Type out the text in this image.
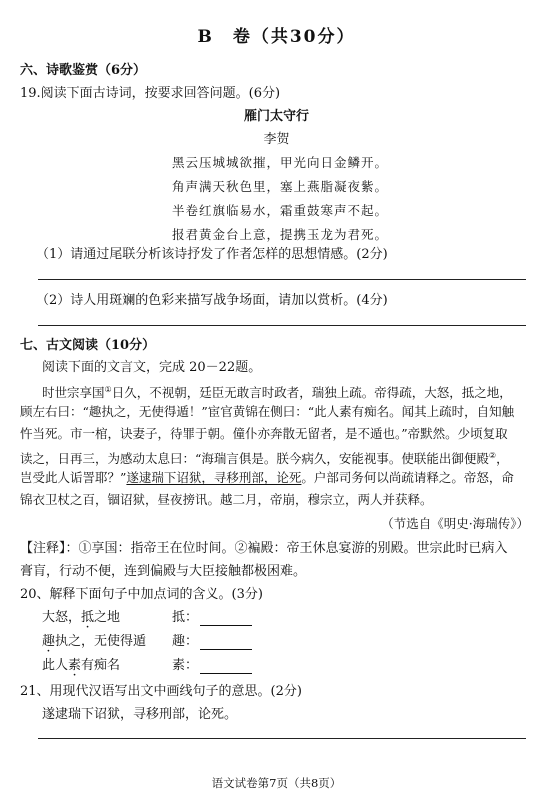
B　卷（共30分）
六、诗歌鉴赏（6分）
19.阅读下面古诗词，按要求回答问题。(6分)
雁门太守行
李贺
黑云压城城欲摧，甲光向日金鳞开。
角声满天秋色里，塞上燕脂凝夜紫。
半卷红旗临易水，霜重鼓寒声不起。
报君黄金台上意，提携玉龙为君死。
（1）请通过尾联分析该诗抒发了作者怎样的思想情感。(2分)
（2）诗人用斑斓的色彩来描写战争场面，请加以赏析。(4分)
七、古文阅读（10分）
阅读下面的文言文，完成 20－22题。
时世宗享国①日久，不视朝，廷臣无敢言时政者，瑞独上疏。帝得疏，大怒，抵之地，
顾左右曰：“趣执之，无使得遁！”宦官黄锦在侧曰：“此人素有痴名。闻其上疏时，自知触
忤当死。市一棺，诀妻子，待罪于朝。僮仆亦奔散无留者，是不遁也。”帝默然。少顷复取
读之，日再三，为感动太息曰：“海瑞言俱是。朕今病久，安能视事。使联能出御便殿②，
岂受此人诟詈耶？”遂逮瑞下诏狱，寻移刑部，论死。户部司务何以尚疏请释之。帝怒，命
锦衣卫杖之百，锢诏狱，昼夜搒讯。越二月，帝崩，穆宗立，两人并获释。
（节选自《明史·海瑞传》）
【注释】：①享国：指帝王在位时间。②褊殿：帝王休息宴游的别殿。世宗此时已病入
膏肓，行动不便，连到偏殿与大臣接触都极困难。
20、解释下面句子中加点词的含义。(3分)
大怒，抵之地	抵：
趣执之，无使得遁 趣：
此人素有痴名	素：
21、用现代汉语写出文中画线句子的意思。(2分)
遂逮瑞下诏狱，寻移刑部，论死。
语文试卷第7页（共8页）
